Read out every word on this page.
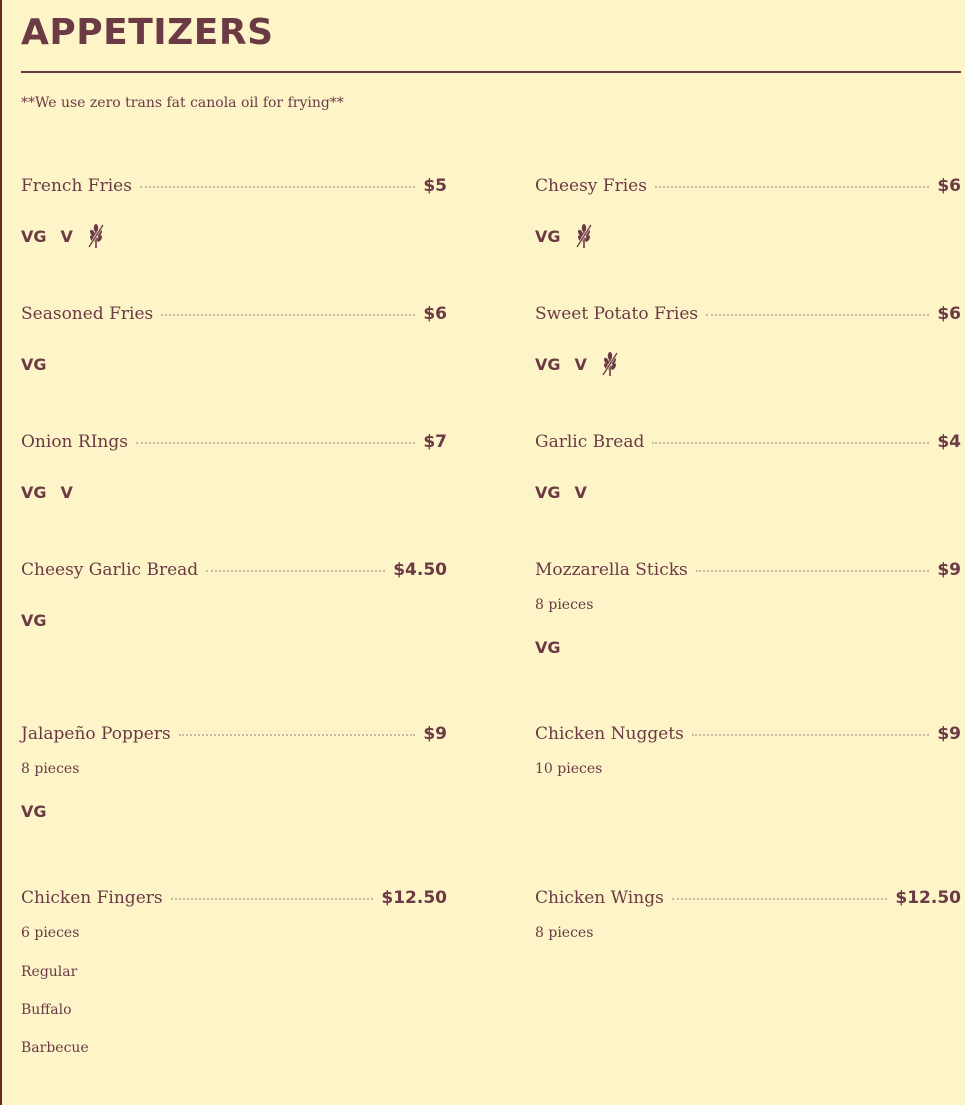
APPETIZERS
**We use zero trans fat canola oil for frying**
French Fries	$5
VG V
Cheesy Fries	$6
VG
Seasoned Fries	$6
VG
Sweet Potato Fries	$6
VG V
Onion RIngs	$7
VG V
Garlic Bread	$4
VG V
Cheesy Garlic Bread	$4.50
VG
Mozzarella Sticks	$9
8 pieces
VG
Jalapeño Poppers	$9
8 pieces
VG
Chicken Nuggets	$9
10 pieces
Chicken Fingers	$12.50
6 pieces
Regular
Buffalo
Barbecue
Chicken Wings	$12.50
8 pieces
